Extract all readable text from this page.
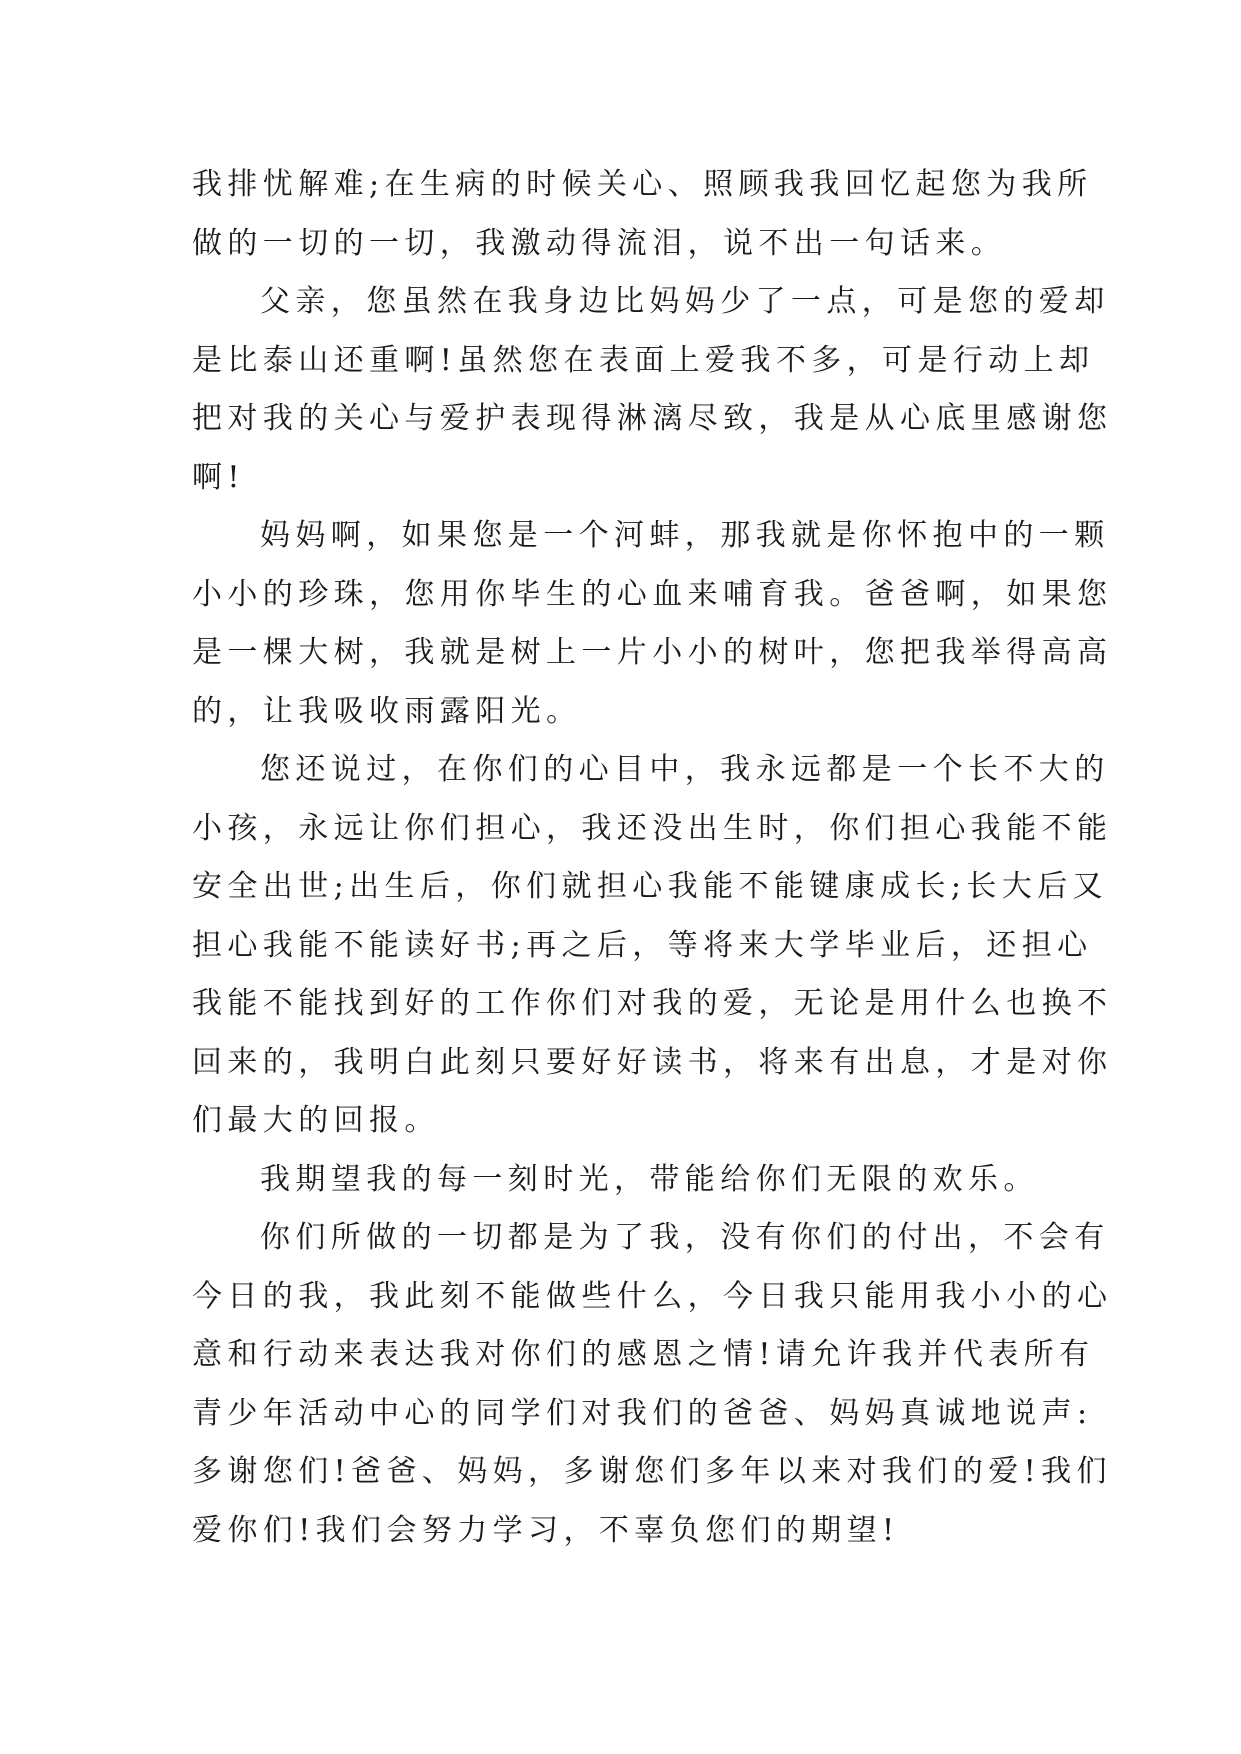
我排忧解难;在生病的时候关心、照顾我我回忆起您为我所
做的一切的一切，我激动得流泪，说不出一句话来。
父亲，您虽然在我身边比妈妈少了一点，可是您的爱却
是比泰山还重啊!虽然您在表面上爱我不多，可是行动上却
把对我的关心与爱护表现得淋漓尽致，我是从心底里感谢您
啊!
妈妈啊，如果您是一个河蚌，那我就是你怀抱中的一颗
小小的珍珠，您用你毕生的心血来哺育我。爸爸啊，如果您
是一棵大树，我就是树上一片小小的树叶，您把我举得高高
的，让我吸收雨露阳光。
您还说过，在你们的心目中，我永远都是一个长不大的
小孩，永远让你们担心，我还没出生时，你们担心我能不能
安全出世;出生后，你们就担心我能不能键康成长;长大后又
担心我能不能读好书;再之后，等将来大学毕业后，还担心
我能不能找到好的工作你们对我的爱，无论是用什么也换不
回来的，我明白此刻只要好好读书，将来有出息，才是对你
们最大的回报。
我期望我的每一刻时光，带能给你们无限的欢乐。
你们所做的一切都是为了我，没有你们的付出，不会有
今日的我，我此刻不能做些什么，今日我只能用我小小的心
意和行动来表达我对你们的感恩之情!请允许我并代表所有
青少年活动中心的同学们对我们的爸爸、妈妈真诚地说声:
多谢您们!爸爸、妈妈，多谢您们多年以来对我们的爱!我们
爱你们!我们会努力学习，不辜负您们的期望!
